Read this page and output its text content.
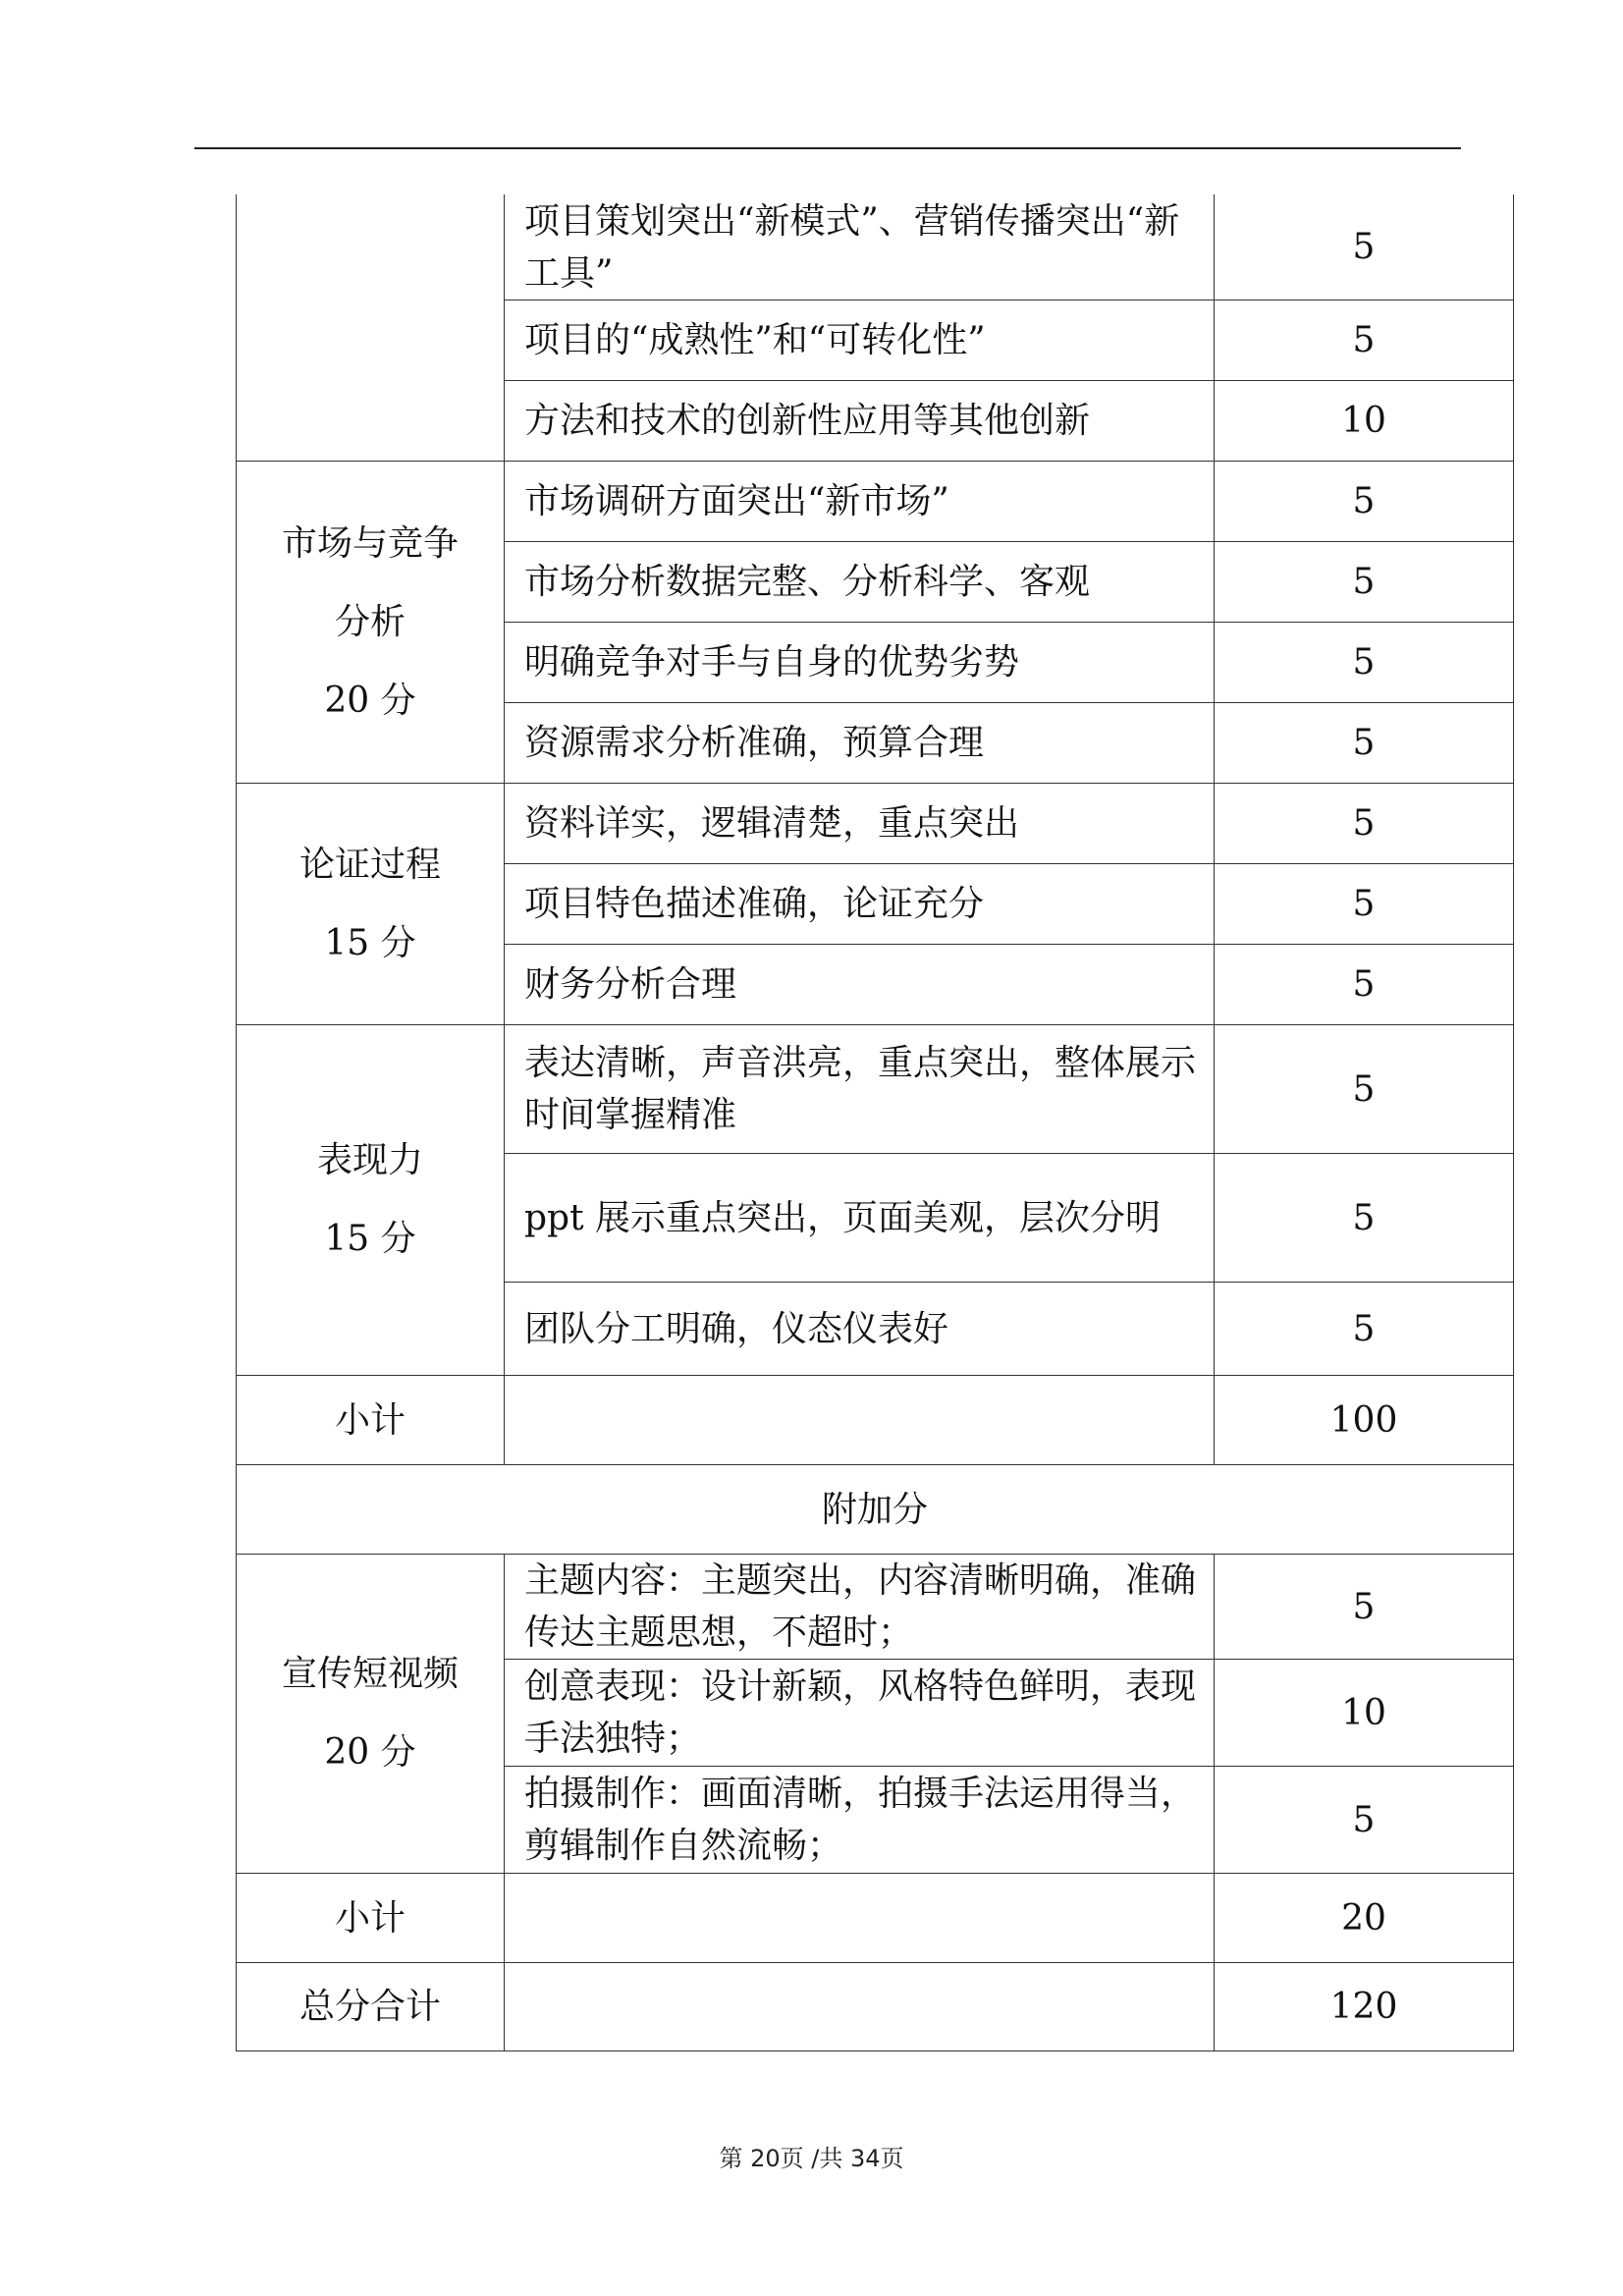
	项目策划突出“新模式”、营销传播突出“新工具”	5
	项目的“成熟性”和“可转化性”	5
	方法和技术的创新性应用等其他创新	10

市场与竞争
分析
20 分	市场调研方面突出“新市场”	5
	市场分析数据完整、分析科学、客观	5
	明确竞争对手与自身的优势劣势	5
	资源需求分析准确，预算合理	5

论证过程
15 分	资料详实，逻辑清楚，重点突出	5
	项目特色描述准确，论证充分	5
	财务分析合理	5

表现力
15 分	表达清晰，声音洪亮，重点突出，整体展示时间掌握精准	5
	ppt 展示重点突出，页面美观，层次分明	5
	团队分工明确，仪态仪表好	5
小计		100
附加分		

宣传短视频
20 分	主题内容：主题突出，内容清晰明确，准确传达主题思想，不超时；	5
	创意表现：设计新颖，风格特色鲜明，表现手法独特；	10
	拍摄制作：画面清晰，拍摄手法运用得当，剪辑制作自然流畅；	5
小计		20
总分合计		120
第 20页 /共 34页
